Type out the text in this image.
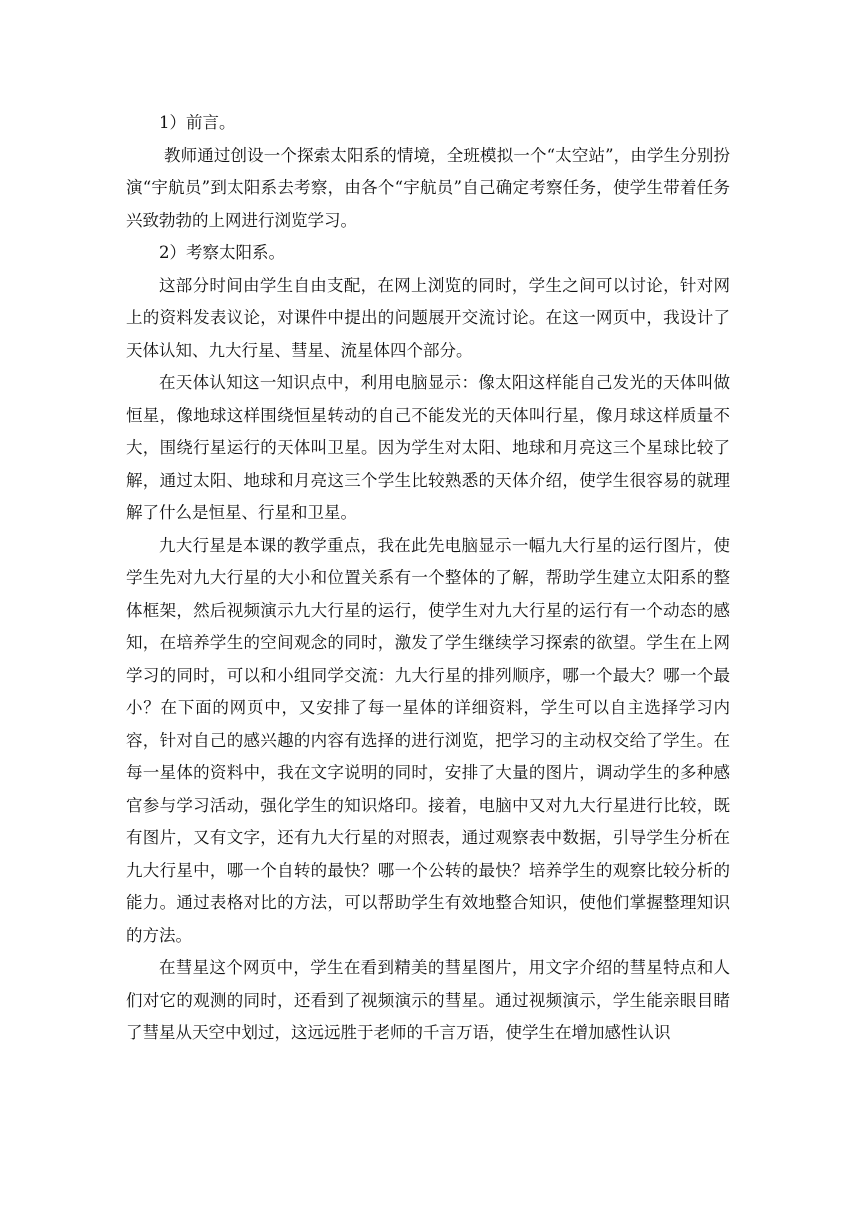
1）前言。

教师通过创设一个探索太阳系的情境，全班模拟一个“太空站”，由学生分别扮演“宇航员”到太阳系去考察，由各个“宇航员”自己确定考察任务，使学生带着任务兴致勃勃的上网进行浏览学习。

2）考察太阳系。

这部分时间由学生自由支配，在网上浏览的同时，学生之间可以讨论，针对网上的资料发表议论，对课件中提出的问题展开交流讨论。在这一网页中，我设计了天体认知、九大行星、彗星、流星体四个部分。

在天体认知这一知识点中，利用电脑显示：像太阳这样能自己发光的天体叫做恒星，像地球这样围绕恒星转动的自己不能发光的天体叫行星，像月球这样质量不大，围绕行星运行的天体叫卫星。因为学生对太阳、地球和月亮这三个星球比较了解，通过太阳、地球和月亮这三个学生比较熟悉的天体介绍，使学生很容易的就理解了什么是恒星、行星和卫星。

九大行星是本课的教学重点，我在此先电脑显示一幅九大行星的运行图片，使学生先对九大行星的大小和位置关系有一个整体的了解，帮助学生建立太阳系的整体框架，然后视频演示九大行星的运行，使学生对九大行星的运行有一个动态的感知，在培养学生的空间观念的同时，激发了学生继续学习探索的欲望。学生在上网学习的同时，可以和小组同学交流：九大行星的排列顺序，哪一个最大？哪一个最小？在下面的网页中，又安排了每一星体的详细资料，学生可以自主选择学习内容，针对自己的感兴趣的内容有选择的进行浏览，把学习的主动权交给了学生。在每一星体的资料中，我在文字说明的同时，安排了大量的图片，调动学生的多种感官参与学习活动，强化学生的知识烙印。接着，电脑中又对九大行星进行比较，既有图片，又有文字，还有九大行星的对照表，通过观察表中数据，引导学生分析在九大行星中，哪一个自转的最快？哪一个公转的最快？培养学生的观察比较分析的能力。通过表格对比的方法，可以帮助学生有效地整合知识，使他们掌握整理知识的方法。

在彗星这个网页中，学生在看到精美的彗星图片，用文字介绍的彗星特点和人们对它的观测的同时，还看到了视频演示的彗星。通过视频演示，学生能亲眼目睹了彗星从天空中划过，这远远胜于老师的千言万语，使学生在增加感性认识
